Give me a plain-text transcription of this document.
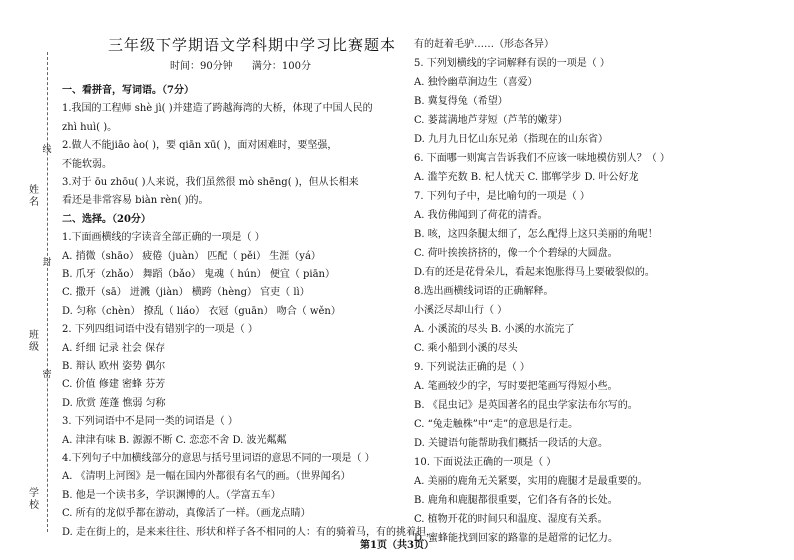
姓名
班级
学校
线
封
密
三年级下学期语文学科期中学习比赛题本
时间：90分钟 满分：100分
一、看拼音，写词语。（7分）
1.我国的工程师 shè jì( )并建造了跨越海湾的大桥，体现了中国人民的
zhì huì( )。
2.做人不能jiāo ào( )，要 qiān xū( )，面对困难时，要坚强，
不能软弱。
3.对于 ōu zhōu( )人来说，我们虽然很 mò shēng( )，但从长相来
看还是非常容易 biàn rèn( )的。
二、选择。（20分）
1.下面画横线的字读音全部正确的一项是（ ）
A. 捎微（shāo） 疲倦（juàn） 匹配（ pěi） 生涯（yá）
B. 爪牙（zhǎo） 舞蹈（bǎo） 鬼魂（ hún） 便宜（ piān）
C. 撒开（sā） 迸溅（jiàn） 横跨（hèng） 官吏（ lì）
D. 匀称（chèn） 撩乱（ liáo） 衣冠（guān） 吻合（ wěn）
2. 下列四组词语中没有错别字的一项是（ ）
A. 纤细 记录 社会 保存
B. 辩认 欧州 姿势 偶尔
C. 价值 修建 密蜂 芬芳
D. 欣赏 莲蓬 憔弱 匀称
3. 下列词语中不是同一类的词语是（ ）
A. 津津有味 B. 源源不断 C. 恋恋不舍 D. 波光粼粼
4.下列句子中加横线部分的意思与括号里词语的意思不同的一项是（ ）
A. 《清明上河图》是一幅在国内外都很有名气的画。（世界闻名）
B. 他是一个读书多，学识渊博的人。（学富五车）
C. 所有的龙似乎都在游动，真像活了一样。（画龙点睛）
D. 走在街上的，是来来往往、形状和样子各不相同的人：有的骑着马，有的挑着担，
有的赶着毛驴……（形态各异）
5. 下列划横线的字词解释有误的一项是（ ）
A. 独怜幽草涧边生（喜爱）
B. 冀复得兔（希望）
C. 蒌蒿满地芦芽短（芦苇的嫩芽）
D. 九月九日忆山东兄弟（指现在的山东省）
6. 下面哪一则寓言告诉我们不应该一味地模仿别人？（ ）
A. 滥竽充数 B. 杞人忧天 C. 邯郸学步 D. 叶公好龙
7. 下列句子中，是比喻句的一项是（ ）
A. 我仿佛闻到了荷花的清香。
B. 咳，这四条腿太细了，怎么配得上这只美丽的角呢！
C. 荷叶挨挨挤挤的，像一个个碧绿的大圆盘。
D.有的还是花骨朵儿，看起来饱胀得马上要破裂似的。
8.选出画横线词语的正确解释。
小溪泛尽却山行（ ）
A. 小溪流的尽头 B. 小溪的水流完了
C. 乘小船到小溪的尽头
9. 下列说法正确的是（ ）
A. 笔画较少的字，写时要把笔画写得短小些。
B. 《昆虫记》是英国著名的昆虫学家法布尔写的。
C. “兔走触株”中“走”的意思是行走。
D. 关键语句能帮助我们概括一段话的大意。
10. 下面说法正确的一项是（ ）
A. 美丽的鹿角无关紧要，实用的鹿腿才是最重要的。
B. 鹿角和鹿腿都很重要，它们各有各的长处。
C. 植物开花的时间只和温度、湿度有关系。
D. 蜜蜂能找到回家的路靠的是超常的记忆力。
第1页（共3页）
